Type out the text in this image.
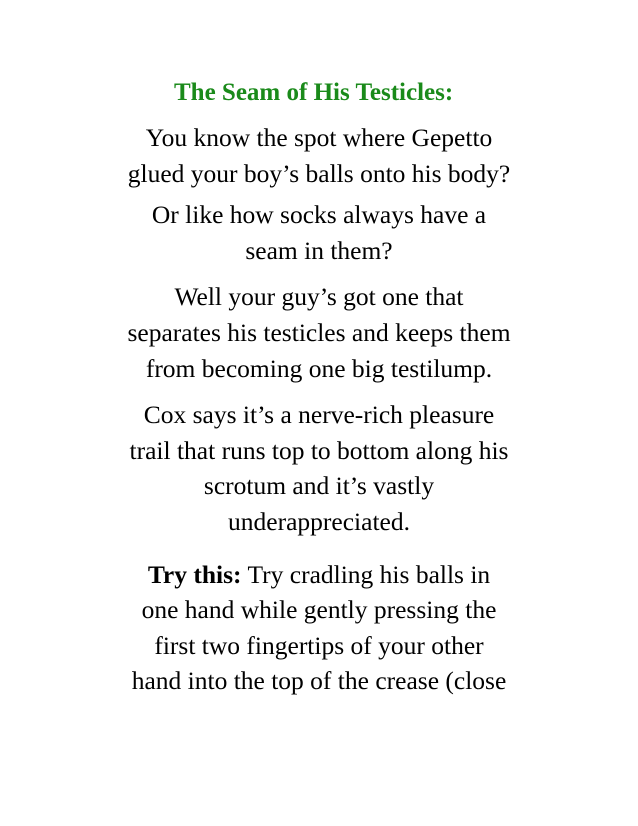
The Seam of His Testicles:

You know the spot where Gepetto
glued your boy’s balls onto his body?

Or like how socks always have a
seam in them?

Well your guy’s got one that
separates his testicles and keeps them
from becoming one big testilump.

Cox says it’s a nerve-rich pleasure
trail that runs top to bottom along his
scrotum and it’s vastly
underappreciated.

Try this: Try cradling his balls in
one hand while gently pressing the
first two fingertips of your other
hand into the top of the crease (close
